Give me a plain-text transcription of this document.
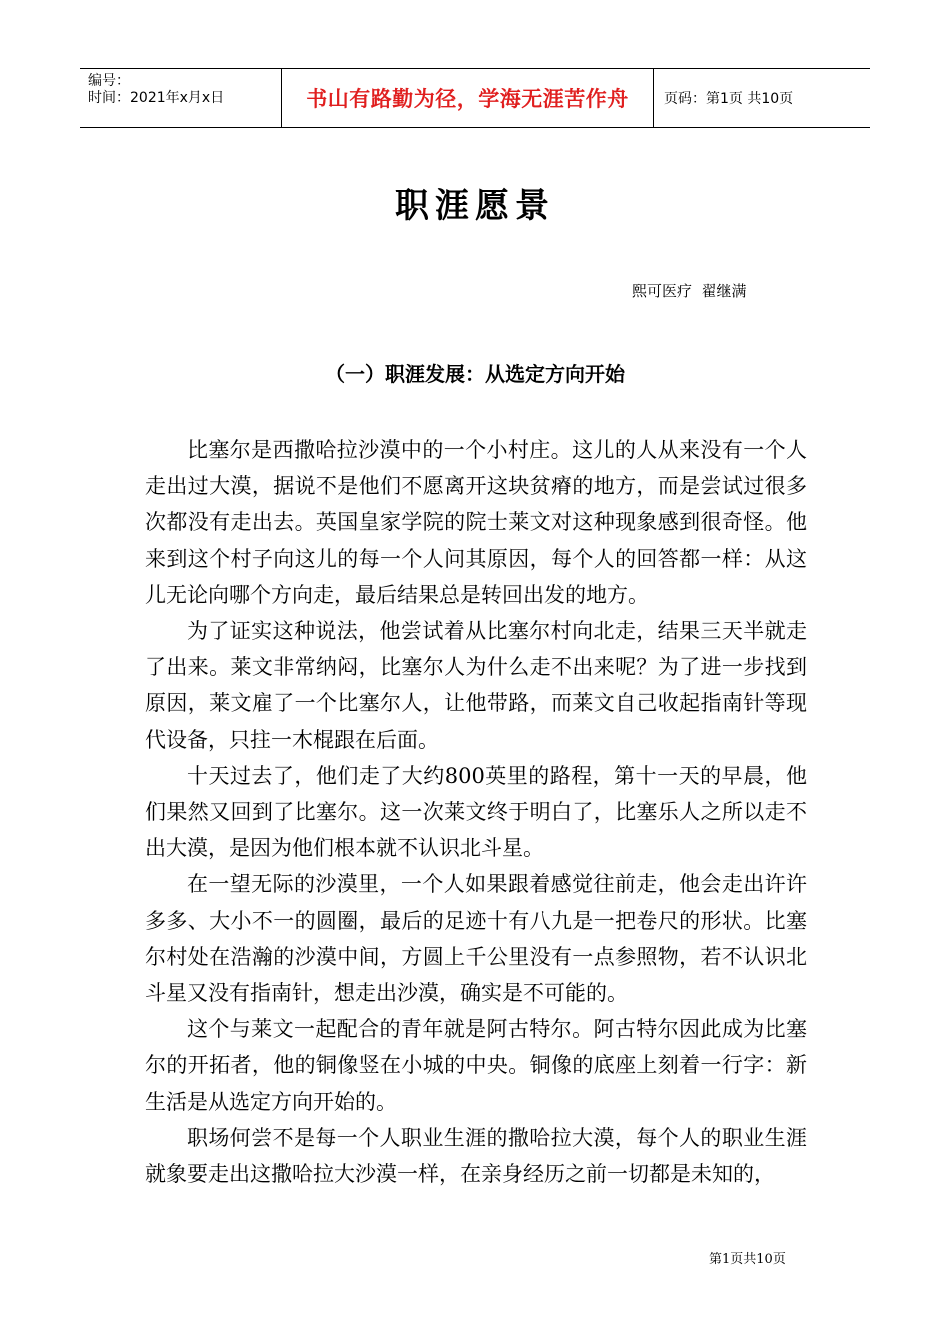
编号：
时间：2021年x月x日	书山有路勤为径，学海无涯苦作舟	页码：第1页 共10页
职涯愿景
熙可医疗  翟继满
（一）职涯发展：从选定方向开始

比塞尔是西撒哈拉沙漠中的一个小村庄。这儿的人从来没有一个人走出过大漠，据说不是他们不愿离开这块贫瘠的地方，而是尝试过很多次都没有走出去。英国皇家学院的院士莱文对这种现象感到很奇怪。他来到这个村子向这儿的每一个人问其原因，每个人的回答都一样：从这儿无论向哪个方向走，最后结果总是转回出发的地方。

为了证实这种说法，他尝试着从比塞尔村向北走，结果三天半就走了出来。莱文非常纳闷，比塞尔人为什么走不出来呢？为了进一步找到原因，莱文雇了一个比塞尔人，让他带路，而莱文自己收起指南针等现代设备，只拄一木棍跟在后面。

十天过去了，他们走了大约800英里的路程，第十一天的早晨，他们果然又回到了比塞尔。这一次莱文终于明白了，比塞乐人之所以走不出大漠，是因为他们根本就不认识北斗星。

在一望无际的沙漠里，一个人如果跟着感觉往前走，他会走出许许多多、大小不一的圆圈，最后的足迹十有八九是一把卷尺的形状。比塞尔村处在浩瀚的沙漠中间，方圆上千公里没有一点参照物，若不认识北斗星又没有指南针，想走出沙漠，确实是不可能的。

这个与莱文一起配合的青年就是阿古特尔。阿古特尔因此成为比塞尔的开拓者，他的铜像竖在小城的中央。铜像的底座上刻着一行字：新生活是从选定方向开始的。

职场何尝不是每一个人职业生涯的撒哈拉大漠，每个人的职业生涯就象要走出这撒哈拉大沙漠一样，在亲身经历之前一切都是未知的，

第1页共10页
